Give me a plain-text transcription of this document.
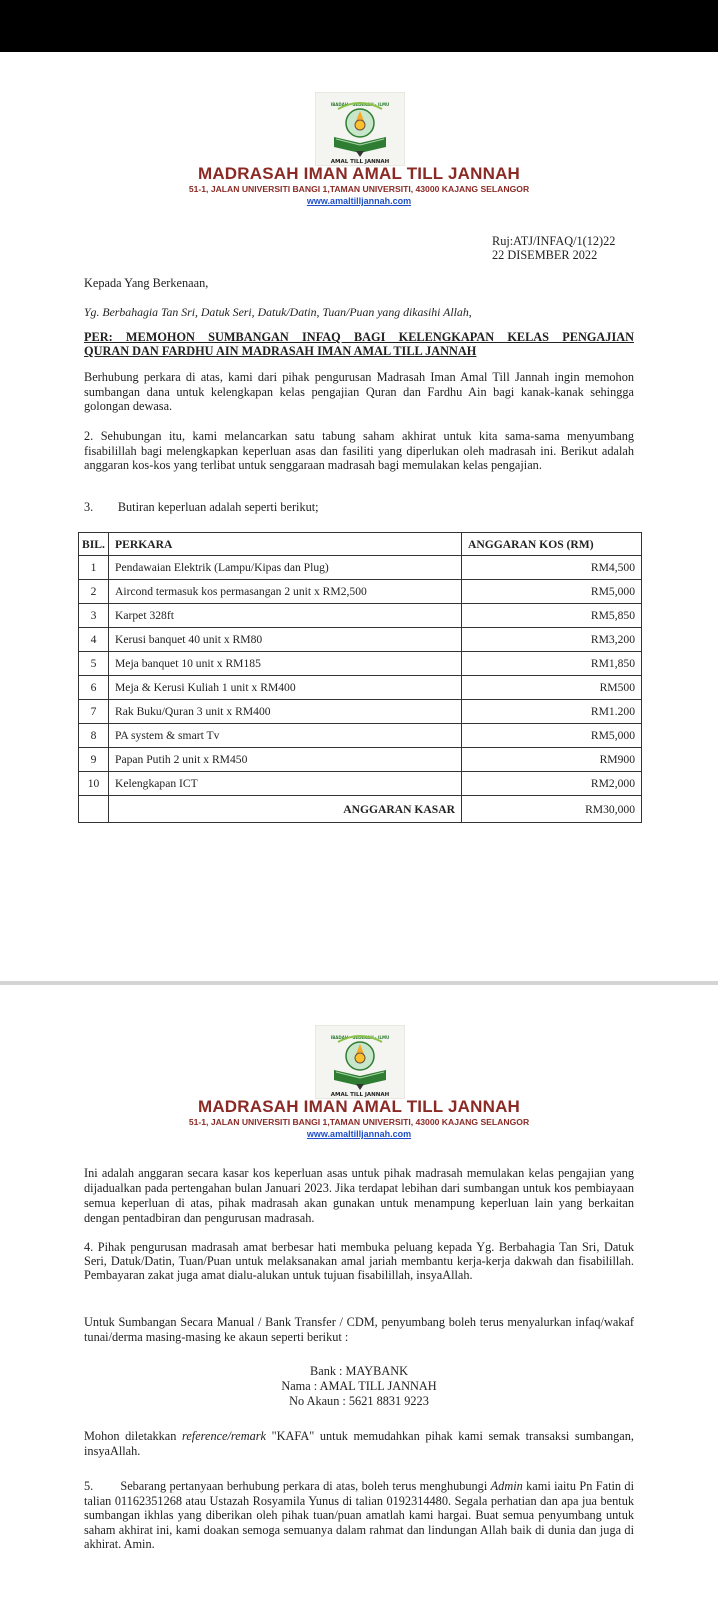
IBADAH · SEDEKAH · ILMU
AMAL TILL JANNAH
MADRASAH IMAN AMAL TILL JANNAH
51-1, JALAN UNIVERSITI BANGI 1,TAMAN UNIVERSITI, 43000 KAJANG SELANGOR
www.amaltilljannah.com
Ruj:ATJ/INFAQ/1(12)22
22 DISEMBER 2022
Kepada Yang Berkenaan,
Yg. Berbahagia Tan Sri, Datuk Seri, Datuk/Datin, Tuan/Puan yang dikasihi Allah,
PER: MEMOHON SUMBANGAN INFAQ BAGI KELENGKAPAN KELAS PENGAJIAN
QURAN DAN FARDHU AIN MADRASAH IMAN AMAL TILL JANNAH
Berhubung perkara di atas, kami dari pihak pengurusan Madrasah Iman Amal Till Jannah ingin memohon sumbangan dana untuk kelengkapan kelas pengajian Quran dan Fardhu Ain bagi kanak-kanak sehingga golongan dewasa.
2. Sehubungan itu, kami melancarkan satu tabung saham akhirat untuk kita sama-sama menyumbang fisabilillah bagi melengkapkan keperluan asas dan fasiliti yang diperlukan oleh madrasah ini. Berikut adalah anggaran kos-kos yang terlibat untuk senggaraan madrasah bagi memulakan kelas pengajian.
3.        Butiran keperluan adalah seperti berikut;
BIL.	PERKARA	ANGGARAN KOS (RM)
1	Pendawaian Elektrik (Lampu/Kipas dan Plug)	RM4,500
2	Aircond termasuk kos permasangan 2 unit x RM2,500	RM5,000
3	Karpet 328ft	RM5,850
4	Kerusi banquet 40 unit x RM80	RM3,200
5	Meja banquet 10 unit x RM185	RM1,850
6	Meja & Kerusi Kuliah 1 unit x RM400	RM500
7	Rak Buku/Quran 3 unit x RM400	RM1.200
8	PA system & smart Tv	RM5,000
9	Papan Putih 2 unit x RM450	RM900
10	Kelengkapan ICT	RM2,000
	ANGGARAN KASAR	RM30,000
IBADAH · SEDEKAH · ILMU
AMAL TILL JANNAH
MADRASAH IMAN AMAL TILL JANNAH
51-1, JALAN UNIVERSITI BANGI 1,TAMAN UNIVERSITI, 43000 KAJANG SELANGOR
www.amaltilljannah.com
Ini adalah anggaran secara kasar kos keperluan asas untuk pihak madrasah memulakan kelas pengajian yang dijadualkan pada pertengahan bulan Januari 2023. Jika terdapat lebihan dari sumbangan untuk kos pembiayaan semua keperluan di atas, pihak madrasah akan gunakan untuk menampung keperluan lain yang berkaitan dengan pentadbiran dan pengurusan madrasah.
4. Pihak pengurusan madrasah amat berbesar hati membuka peluang kepada Yg. Berbahagia Tan Sri, Datuk Seri, Datuk/Datin, Tuan/Puan untuk melaksanakan amal jariah membantu kerja-kerja dakwah dan fisabilillah. Pembayaran zakat juga amat dialu-alukan untuk tujuan fisabilillah, insyaAllah.
Untuk Sumbangan Secara Manual / Bank Transfer / CDM, penyumbang boleh terus menyalurkan infaq/wakaf tunai/derma masing-masing ke akaun seperti berikut :
Bank : MAYBANK
Nama : AMAL TILL JANNAH
No Akaun : 5621 8831 9223
Mohon diletakkan reference/remark "KAFA" untuk memudahkan pihak kami semak transaksi sumbangan, insyaAllah.
5.        Sebarang pertanyaan berhubung perkara di atas, boleh terus menghubungi Admin kami iaitu Pn Fatin di talian 01162351268 atau Ustazah Rosyamila Yunus di talian 0192314480. Segala perhatian dan apa jua bentuk sumbangan ikhlas yang diberikan oleh pihak tuan/puan amatlah kami hargai. Buat semua penyumbang untuk saham akhirat ini, kami doakan semoga semuanya dalam rahmat dan lindungan Allah baik di dunia dan juga di akhirat. Amin.
